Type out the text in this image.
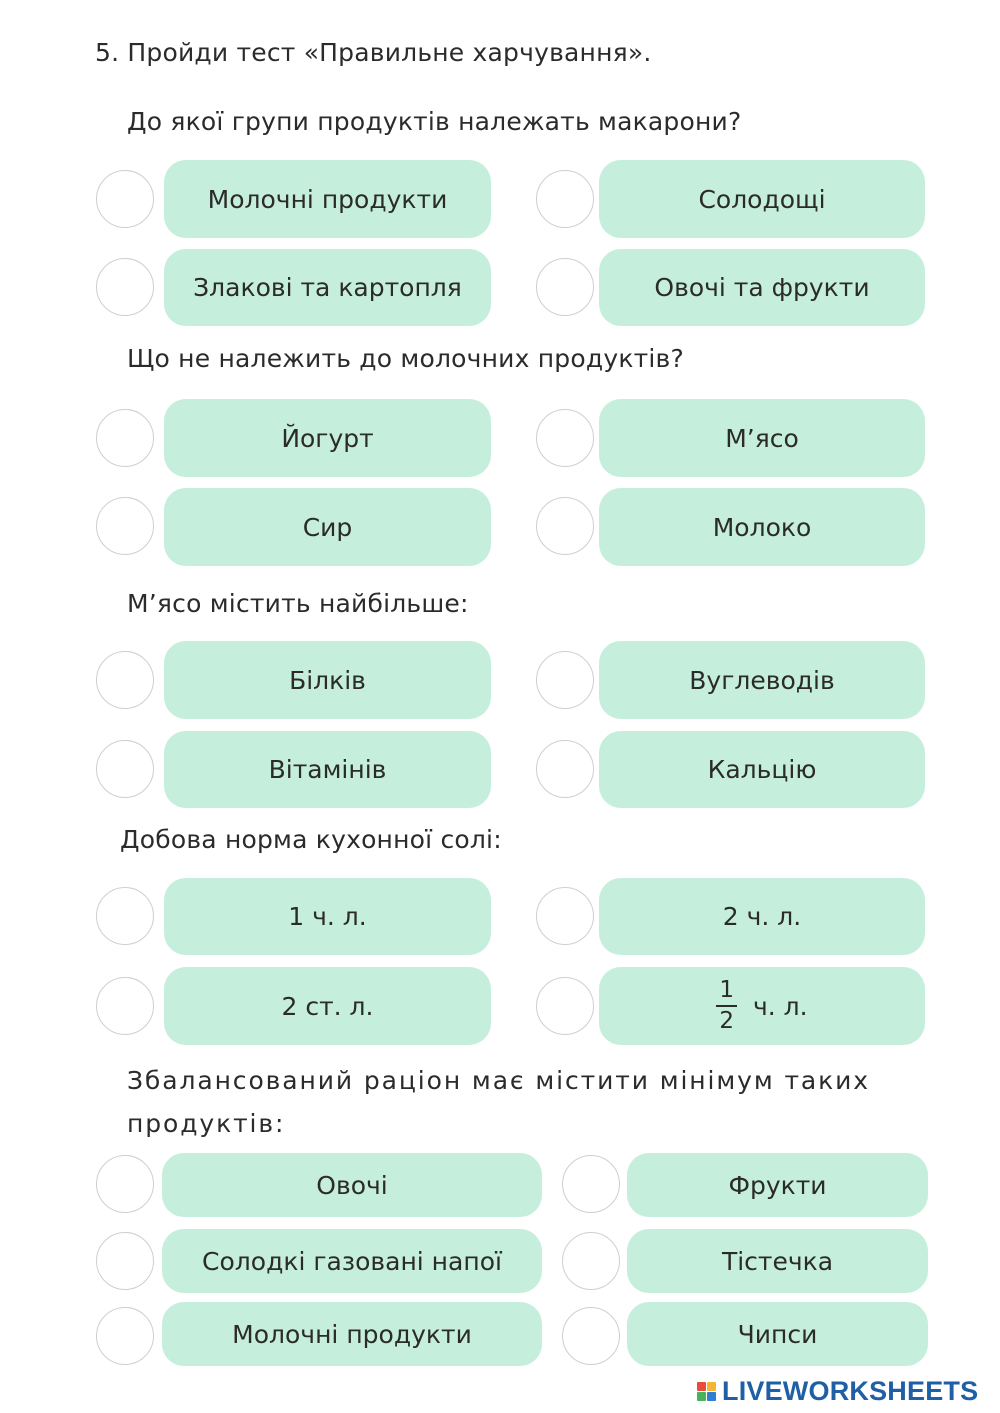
5. Пройди тест «Правильне харчування».
До якої групи продуктів належать макарони?
Молочні продукти	Солодощі
Злакові та картопля	Овочі та фрукти
Що не належить до молочних продуктів?
Йогурт	М’ясо
Сир	Молоко
М’ясо містить найбільше:
Білків	Вуглеводів
Вітамінів	Кальцію
Добова норма кухонної солі:
1 ч. л.	2 ч. л.
2 ст. л.	$\frac{1}{2} ч$. л.
Збалансований раціон має містити мінімум таких продуктів:
Овочі	Фрукти
Солодкі газовані напої	Тістечка
Молочні продукти	Чипси
LIVEWORKSHEETS
